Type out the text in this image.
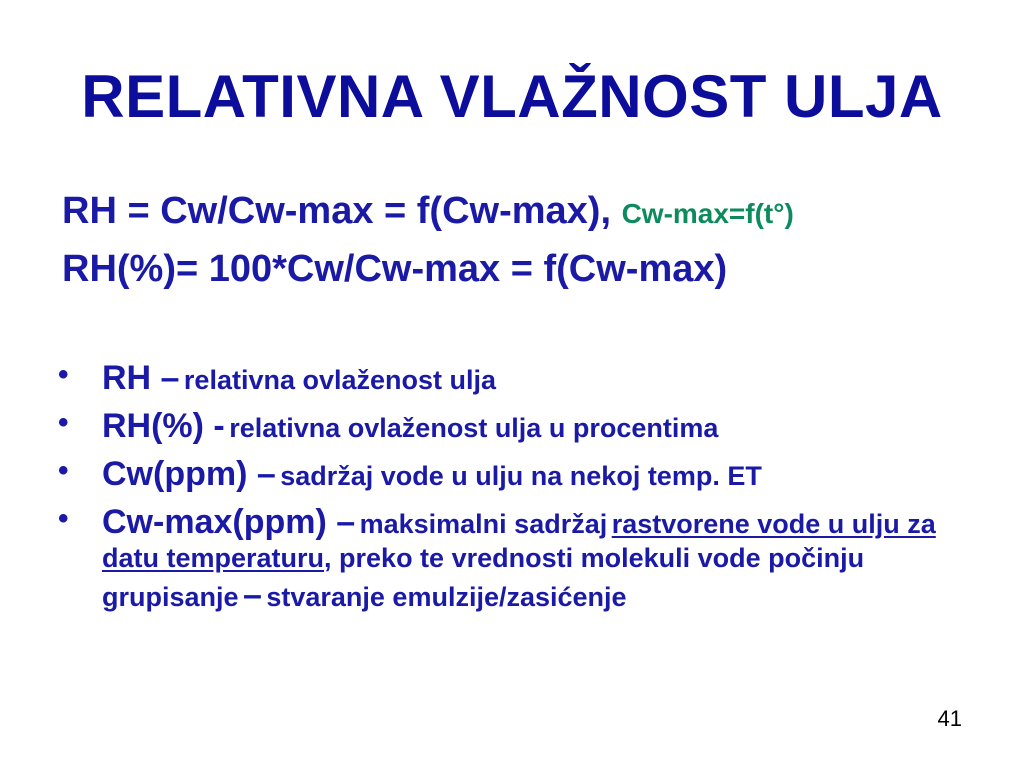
RELATIVNA VLAŽNOST ULJA
RH = Cw/Cw-max = f(Cw-max), Cw-max=f(t°)
RH(%)= 100*Cw/Cw-max = f(Cw-max)
• RH – relativna ovlaženost ulja
• RH(%) - relativna ovlaženost ulja u procentima
• Cw(ppm) – sadržaj vode u ulju na nekoj temp. ET
• Cw-max(ppm) – maksimalni sadržaj rastvorene vode u ulju za datu temperaturu, preko te vrednosti molekuli vode počinju grupisanje – stvaranje emulzije/zasićenje
41
